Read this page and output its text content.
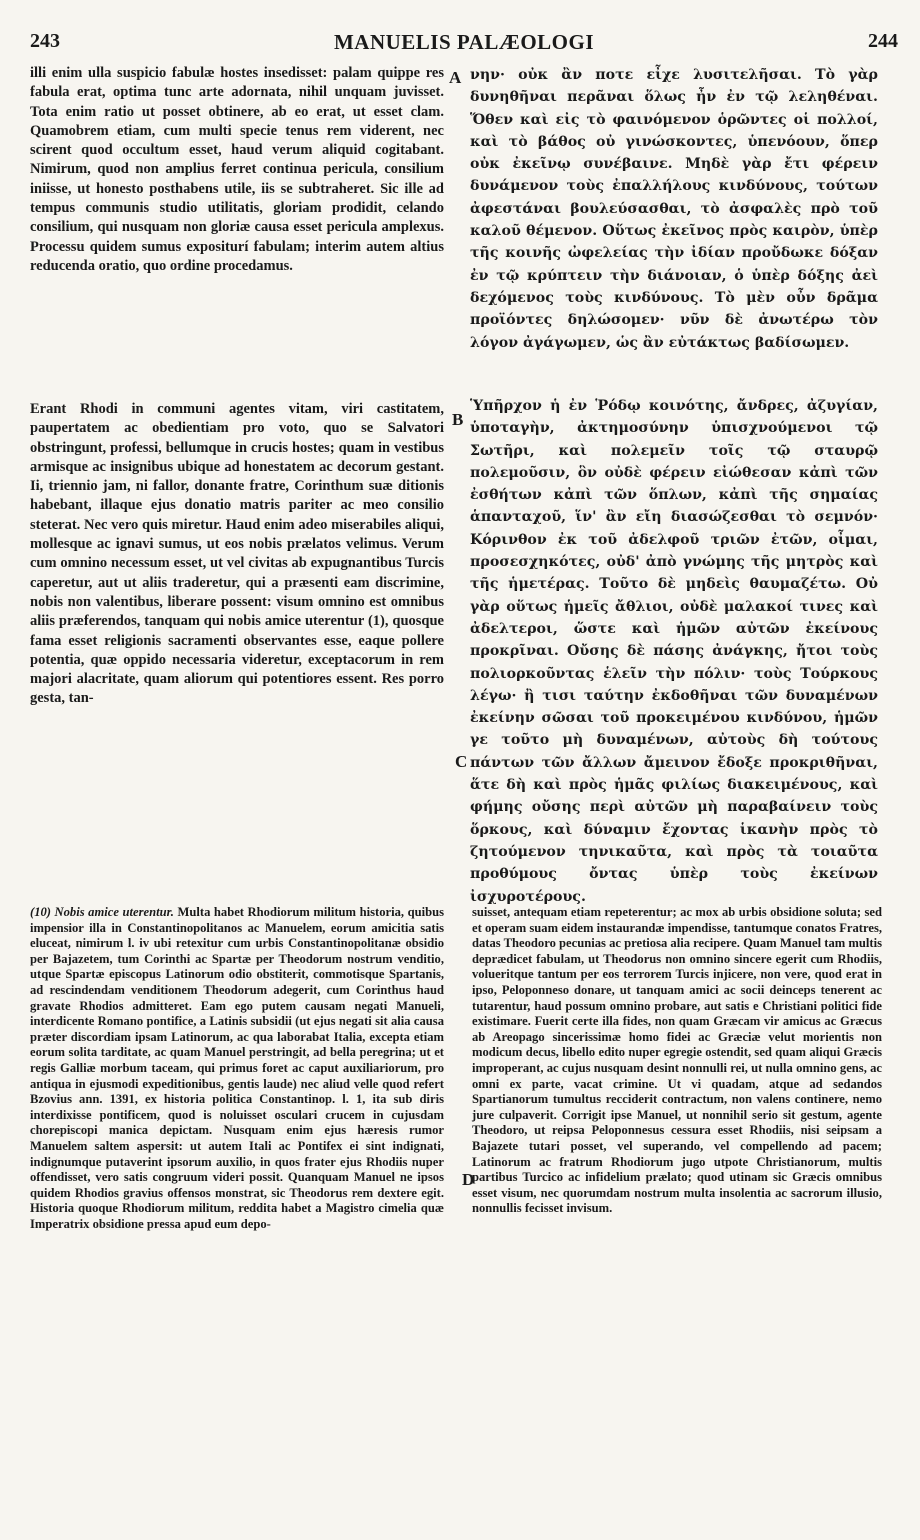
243	MANUELIS PALÆOLOGI	244

illi enim ulla suspicio fabulæ hostes insedisset: palam quippe res fabula erat, optima tunc arte adornata, nihil unquam juvisset. Tota enim ratio ut posset obtinere, ab eo erat, ut esset clam. Quamobrem etiam, cum multi specie tenus rem viderent, nec scirent quod occultum esset, haud verum aliquid cogitabant. Nimirum, quod non amplius ferret continua pericula, consilium iniisse, ut honesto posthabens utile, iis se subtraheret. Sic ille ad tempus communis studio utilitatis, gloriam prodidit, celando consilium, qui nusquam non gloriæ causa esset pericula amplexus. Processu quidem sumus expositurí fabulam; interim autem altius reducenda oratio, quo ordine procedamus.

νην· οὐκ ἂν ποτε εἶχε λυσιτελῆσαι. Τὸ γὰρ δυνηθῆναι περᾶναι ὅλως ἦν ἐν τῷ λεληθέναι. Ὅθεν καὶ εἰς τὸ φαινόμενον ὁρῶντες οἱ πολλοί, καὶ τὸ βάθος οὐ γινώσκοντες, ὑπενόουν, ὅπερ οὐκ ἐκεῖνῳ συνέβαινε. Μηδὲ γὰρ ἔτι φέρειν δυνάμενον τοὺς ἐπαλλήλους κινδύνους, τούτων ἀφεστάναι βουλεύσασθαι, τὸ ἀσφαλὲς πρὸ τοῦ καλοῦ θέμενον. Οὕτως ἐκεῖνος πρὸς καιρὸν, ὑπὲρ τῆς κοινῆς ὠφελείας τὴν ἰδίαν προὔδωκε δόξαν ἐν τῷ κρύπτειν τὴν διάνοιαν, ὁ ὑπὲρ δόξης ἀεὶ δεχόμενος τοὺς κινδύνους. Τὸ μὲν οὖν δρᾶμα προϊόντες δηλώσομεν· νῦν δὲ ἀνωτέρω τὸν λόγον ἀγάγωμεν, ὡς ἂν εὐτάκτως βαδίσωμεν.

Erant Rhodi in communi agentes vitam, viri castitatem, paupertatem ac obedientiam pro voto, quo se Salvatori obstringunt, professi, bellumque in crucis hostes; quam in vestibus armisque ac insignibus ubique ad honestatem ac decorum gestant. Ii, triennio jam, ni fallor, donante fratre, Corinthum suæ ditionis habebant, illaque ejus donatio matris pariter ac meo consilio steterat. Nec vero quis miretur. Haud enim adeo miserabiles aliqui, mollesque ac ignavi sumus, ut eos nobis prælatos velimus. Verum cum omnino necessum esset, ut vel civitas ab expugnantibus Turcis caperetur, aut ut aliis traderetur, qui a præsenti eam discrimine, nobis non valentibus, liberare possent: visum omnino est omnibus aliis præferendos, tanquam qui nobis amice uterentur (1), quosque fama esset religionis sacramenti observantes esse, eaque pollere potentia, quæ oppido necessaria videretur, exceptacorum in rem majori alacritate, quam aliorum qui potentiores essent. Res porro gesta, tan-

Ὑπῆρχον ἡ ἐν Ῥόδῳ κοινότης, ἄνδρες, ἀζυγίαν, ὑποταγὴν, ἀκτημοσύνην ὑπισχνούμενοι τῷ Σωτῆρι, καὶ πολεμεῖν τοῖς τῷ σταυρῷ πολεμοῦσιν, ὃν οὐδὲ φέρειν εἰώθεσαν κἀπὶ τῶν ἐσθήτων κἀπὶ τῶν ὅπλων, κἀπὶ τῆς σημαίας ἁπανταχοῦ, ἵν' ἂν εἴη διασώζεσθαι τὸ σεμνόν· Κόρινθον ἐκ τοῦ ἀδελφοῦ τριῶν ἐτῶν, οἶμαι, προσεσχηκότες, οὐδ' ἀπὸ γνώμης τῆς μητρὸς καὶ τῆς ἡμετέρας. Τοῦτο δὲ μηδεὶς θαυμαζέτω. Οὐ γὰρ οὕτως ἡμεῖς ἄθλιοι, οὐδὲ μαλακοί τινες καὶ ἀδελτεροι, ὥστε καὶ ἡμῶν αὐτῶν ἐκείνους προκρῖναι. Οὔσης δὲ πάσης ἀνάγκης, ἤτοι τοὺς πολιορκοῦντας ἑλεῖν τὴν πόλιν· τοὺς Τούρκους λέγω· ἢ τισι ταύτην ἐκδοθῆναι τῶν δυναμένων ἐκείνην σῶσαι τοῦ προκειμένου κινδύνου, ἡμῶν γε τοῦτο μὴ δυναμένων, αὐτοὺς δὴ τούτους πάντων τῶν ἄλλων ἄμεινον ἔδοξε προκριθῆναι, ἅτε δὴ καὶ πρὸς ἡμᾶς φιλίως διακειμένους, καὶ φήμης οὔσης περὶ αὐτῶν μὴ παραβαίνειν τοὺς ὅρκους, καὶ δύναμιν ἔχοντας ἱκανὴν πρὸς τὸ ζητούμενον τηνικαῦτα, καὶ πρὸς τὰ τοιαῦτα προθύμους ὄντας ὑπὲρ τοὺς ἐκείνων ἰσχυροτέρους.

A
B
C
D
(10) Nobis amice uterentur. Multa habet Rhodiorum militum historia, quibus impensior illa in Constantinopolitanos ac Manuelem, eorum amicitia satis eluceat, nimirum l. iv ubi retexitur cum urbis Constantinopolitanæ obsidio per Bajazetem, tum Corinthi ac Spartæ per Theodorum nostrum venditio, utque Spartæ episcopus Latinorum odio obstiterit, commotisque Spartanis, ad rescindendam venditionem Theodorum adegerit, cum Corinthus haud gravate Rhodios admitteret. Eam ego putem causam negati Manueli, interdicente Romano pontifice, a Latinis subsidii (ut ejus negati sit alia causa præter discordiam ipsam Latinorum, ac qua laborabat Italia, excepta etiam eorum solita tarditate, ac quam Manuel perstringit, ad bella peregrina; ut et regis Galliæ morbum taceam, qui primus foret ac caput auxiliariorum, pro antiqua in ejusmodi expeditionibus, gentis laude) nec aliud velle quod refert Bzovius ann. 1391, ex historia politica Constantinop. l. 1, ita sub diris interdixisse pontificem, quod is noluisset osculari crucem in cujusdam chorepiscopi manica depictam. Nusquam enim ejus hæresis rumor Manuelem saltem aspersit: ut autem Itali ac Pontifex ei sint indignati, indignumque putaverint ipsorum auxilio, in quos frater ejus Rhodiis nuper offendisset, vero satis congruum videri possit. Quanquam Manuel ne ipsos quidem Rhodios gravius offensos monstrat, sic Theodorus rem dextere egit. Historia quoque Rhodiorum militum, reddita habet a Magistro cimelia quæ Imperatrix obsidione pressa apud eum depo-

suisset, antequam etiam repeterentur; ac mox ab urbis obsidione soluta; sed et operam suam eidem instaurandæ impendisse, tantumque conatos Fratres, datas Theodoro pecunias ac pretiosa alia recipere. Quam Manuel tam multis deprædicet fabulam, ut Theodorus non omnino sincere egerit cum Rhodiis, volueritque tantum per eos terrorem Turcis injicere, non vere, quod erat in ipso, Peloponneso donare, ut tanquam amici ac socii deinceps tenerent ac tutarentur, haud possum omnino probare, aut satis e Christiani politici fide existimare. Fuerit certe illa fides, non quam Græcam vir amicus ac Græcus ab Areopago sincerissimæ homo fidei ac Græciæ velut morientis non modicum decus, libello edito nuper egregie ostendit, sed quam aliqui Græcis improperant, ac cujus nusquam desint nonnulli rei, ut nulla omnino gens, ac omni ex parte, vacat crimine. Ut vi quadam, atque ad sedandos Spartianorum tumultus recciderit contractum, non valens continere, nemo jure culpaverit. Corrigit ipse Manuel, ut nonnihil serio sit gestum, agente Theodoro, ut reipsa Peloponnesus cessura esset Rhodiis, nisi seipsam a Bajazete tutari posset, vel superando, vel compellendo ad pacem; Latinorum ac fratrum Rhodiorum jugo utpote Christianorum, multis partibus Turcico ac infidelium prælato; quod utinam sic Græcis omnibus esset visum, nec quorumdam nostrum multa insolentia ac sacrorum illusio, nonnullis fecisset invisum.
